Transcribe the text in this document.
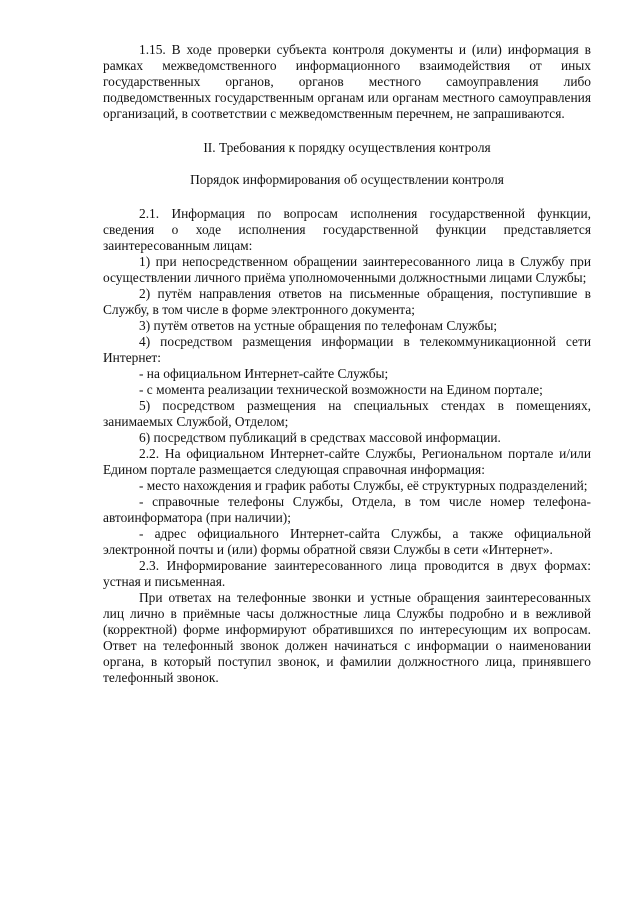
1.15. В ходе проверки субъекта контроля документы и (или) информация в рамках межведомственного информационного взаимодействия от иных государственных органов, органов местного самоуправления либо подведомственных государственным органам или органам местного самоуправления организаций, в соответствии с межведомственным перечнем, не запрашиваются.

II. Требования к порядку осуществления контроля

Порядок информирования об осуществлении контроля

2.1. Информация по вопросам исполнения государственной функции, сведения о ходе исполнения государственной функции представляется заинтересованным лицам:

1) при непосредственном обращении заинтересованного лица в Службу при осуществлении личного приёма уполномоченными должностными лицами Службы;

2) путём направления ответов на письменные обращения, поступившие в Службу, в том числе в форме электронного документа;

3) путём ответов на устные обращения по телефонам Службы;

4) посредством размещения информации в телекоммуникационной сети Интернет:

- на официальном Интернет-сайте Службы;

- с момента реализации технической возможности на Едином портале;

5) посредством размещения на специальных стендах в помещениях, занимаемых Службой, Отделом;

6) посредством публикаций в средствах массовой информации.

2.2. На официальном Интернет-сайте Службы, Региональном портале и/или Едином портале размещается следующая справочная информация:

- место нахождения и график работы Службы, её структурных подразделений;

- справочные телефоны Службы, Отдела, в том числе номер телефона-автоинформатора (при наличии);

- адрес официального Интернет-сайта Службы, а также официальной электронной почты и (или) формы обратной связи Службы в сети «Интернет».

2.3. Информирование заинтересованного лица проводится в двух формах: устная и письменная.

При ответах на телефонные звонки и устные обращения заинтересованных лиц лично в приёмные часы должностные лица Службы подробно и в вежливой (корректной) форме информируют обратившихся по интересующим их вопросам. Ответ на телефонный звонок должен начинаться с информации о наименовании органа, в который поступил звонок, и фамилии должностного лица, принявшего телефонный звонок.
